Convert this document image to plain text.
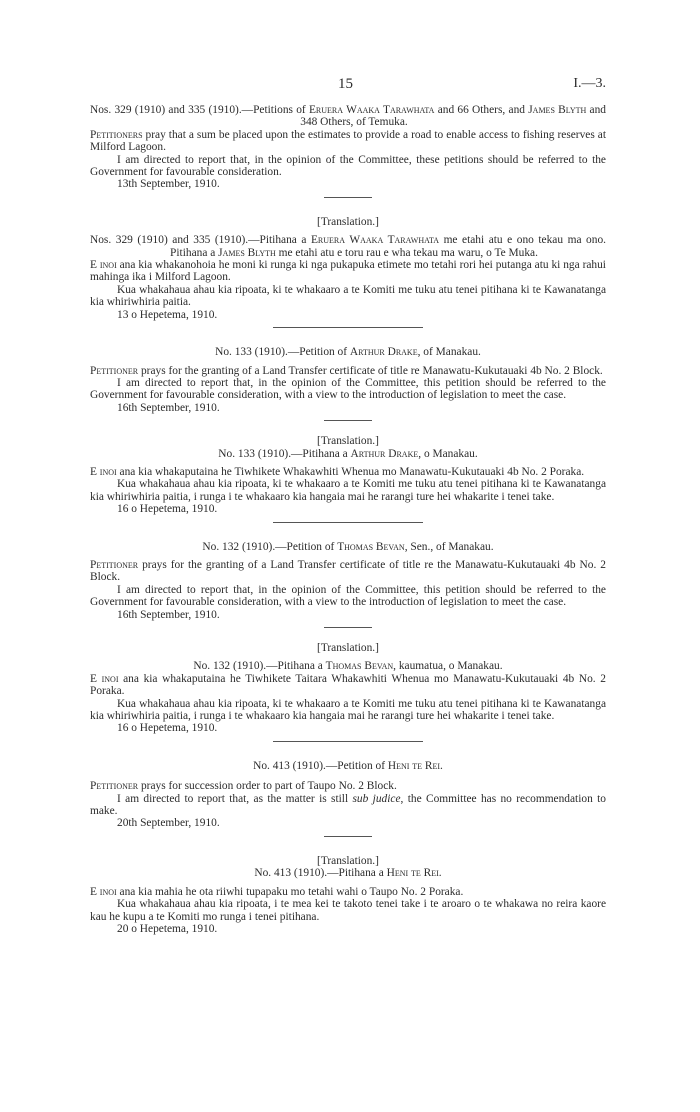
15	I.—3.

Nos. 329 (1910) and 335 (1910).—Petitions of Eruera Waaka Tarawhata and 66 Others, and James Blyth and 348 Others, of Temuka.

Petitioners pray that a sum be placed upon the estimates to provide a road to enable access to fishing reserves at Milford Lagoon.

I am directed to report that, in the opinion of the Committee, these petitions should be referred to the Government for favourable consideration.

13th September, 1910.

[Translation.]

Nos. 329 (1910) and 335 (1910).—Pitihana a Eruera Waaka Tarawhata me etahi atu e ono tekau ma ono. Pitihana a James Blyth me etahi atu e toru rau e wha tekau ma waru, o Te Muka.

E inoi ana kia whakanohoia he moni ki runga ki nga pukapuka etimete mo tetahi rori hei putanga atu ki nga rahui mahinga ika i Milford Lagoon.

Kua whakahaua ahau kia ripoata, ki te whakaaro a te Komiti me tuku atu tenei pitihana ki te Kawanatanga kia whiriwhiria paitia.

13 o Hepetema, 1910.

No. 133 (1910).—Petition of Arthur Drake, of Manakau.

Petitioner prays for the granting of a Land Transfer certificate of title re Manawatu-Kukutauaki 4b No. 2 Block.

I am directed to report that, in the opinion of the Committee, this petition should be referred to the Government for favourable consideration, with a view to the introduction of legislation to meet the case.

16th September, 1910.

[Translation.]

No. 133 (1910).—Pitihana a Arthur Drake, o Manakau.

E inoi ana kia whakaputaina he Tiwhikete Whakawhiti Whenua mo Manawatu-Kukutauaki 4b No. 2 Poraka.

Kua whakahaua ahau kia ripoata, ki te whakaaro a te Komiti me tuku atu tenei pitihana ki te Kawanatanga kia whiriwhiria paitia, i runga i te whakaaro kia hangaia mai he rarangi ture hei whakarite i tenei take.

16 o Hepetema, 1910.

No. 132 (1910).—Petition of Thomas Bevan, Sen., of Manakau.

Petitioner prays for the granting of a Land Transfer certificate of title re the Manawatu-Kukutauaki 4b No. 2 Block.

I am directed to report that, in the opinion of the Committee, this petition should be referred to the Government for favourable consideration, with a view to the introduction of legislation to meet the case.

16th September, 1910.

[Translation.]

No. 132 (1910).—Pitihana a Thomas Bevan, kaumatua, o Manakau.

E inoi ana kia whakaputaina he Tiwhikete Taitara Whakawhiti Whenua mo Manawatu-Kukutauaki 4b No. 2 Poraka.

Kua whakahaua ahau kia ripoata, ki te whakaaro a te Komiti me tuku atu tenei pitihana ki te Kawanatanga kia whiriwhiria paitia, i runga i te whakaaro kia hangaia mai he rarangi ture hei whakarite i tenei take.

16 o Hepetema, 1910.

No. 413 (1910).—Petition of Heni te Rei.

Petitioner prays for succession order to part of Taupo No. 2 Block.

I am directed to report that, as the matter is still sub judice, the Committee has no recommendation to make.

20th September, 1910.

[Translation.]

No. 413 (1910).—Pitihana a Heni te Rei.

E inoi ana kia mahia he ota riiwhi tupapaku mo tetahi wahi o Taupo No. 2 Poraka.

Kua whakahaua ahau kia ripoata, i te mea kei te takoto tenei take i te aroaro o te whakawa no reira kaore kau he kupu a te Komiti mo runga i tenei pitihana.

20 o Hepetema, 1910.
